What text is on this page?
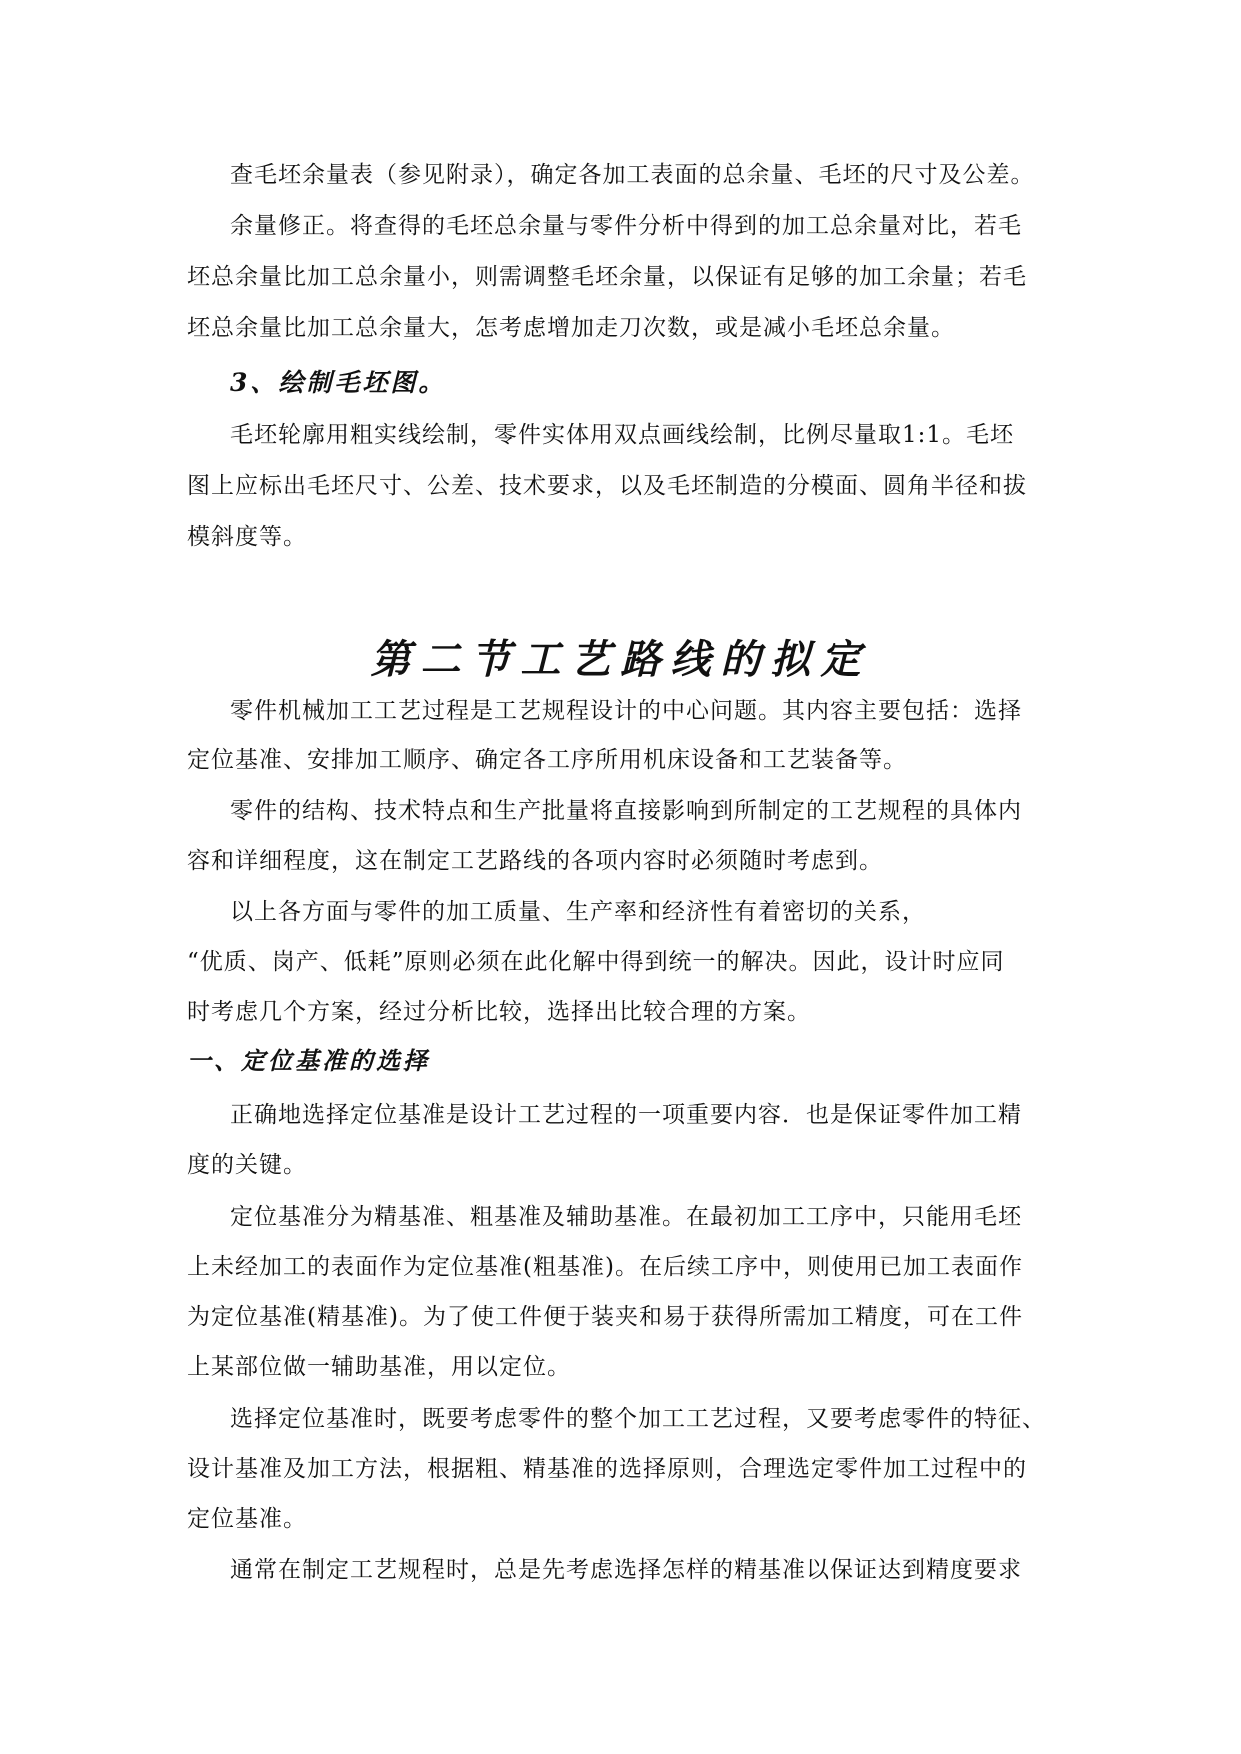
查毛坯余量表（参见附录），确定各加工表面的总余量、毛坯的尺寸及公差。
余量修正。将查得的毛坯总余量与零件分析中得到的加工总余量对比，若毛
坯总余量比加工总余量小，则需调整毛坯余量，以保证有足够的加工余量；若毛
坯总余量比加工总余量大，怎考虑增加走刀次数，或是减小毛坯总余量。
3、绘制毛坯图。
毛坯轮廓用粗实线绘制，零件实体用双点画线绘制，比例尽量取1:1。毛坯
图上应标出毛坯尺寸、公差、技术要求，以及毛坯制造的分模面、圆角半径和拔
模斜度等。
第二节工艺路线的拟定
零件机械加工工艺过程是工艺规程设计的中心问题。其内容主要包括：选择
定位基准、安排加工顺序、确定各工序所用机床设备和工艺装备等。
零件的结构、技术特点和生产批量将直接影响到所制定的工艺规程的具体内
容和详细程度，这在制定工艺路线的各项内容时必须随时考虑到。
以上各方面与零件的加工质量、生产率和经济性有着密切的关系，
“优质、岗产、低耗”原则必须在此化解中得到统一的解决。因此，设计时应同
时考虑几个方案，经过分析比较，选择出比较合理的方案。
一、定位基准的选择
正确地选择定位基准是设计工艺过程的一项重要内容．也是保证零件加工精
度的关键。
定位基准分为精基准、粗基准及辅助基准。在最初加工工序中，只能用毛坯
上未经加工的表面作为定位基准(粗基准)。在后续工序中，则使用已加工表面作
为定位基准(精基准)。为了使工件便于装夹和易于获得所需加工精度，可在工件
上某部位做一辅助基准，用以定位。
选择定位基准时，既要考虑零件的整个加工工艺过程，又要考虑零件的特征、
设计基准及加工方法，根据粗、精基准的选择原则，合理选定零件加工过程中的
定位基准。
通常在制定工艺规程时，总是先考虑选择怎样的精基准以保证达到精度要求
